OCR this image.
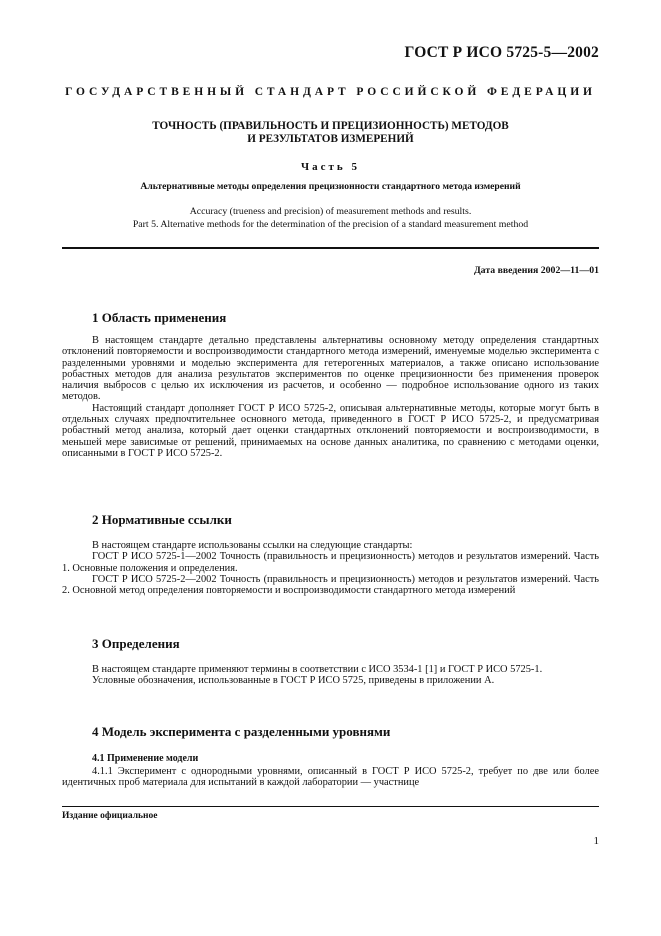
ГОСТ Р ИСО 5725-5—2002
ГОСУДАРСТВЕННЫЙ СТАНДАРТ РОССИЙСКОЙ ФЕДЕРАЦИИ
ТОЧНОСТЬ (ПРАВИЛЬНОСТЬ И ПРЕЦИЗИОННОСТЬ) МЕТОДОВ
И РЕЗУЛЬТАТОВ ИЗМЕРЕНИЙ
Часть 5
Альтернативные методы определения прецизионности стандартного метода измерений
Accuracy (trueness and precision) of measurement methods and results.
Part 5. Alternative methods for the determination of the precision of a standard measurement method
Дата введения 2002—11—01
1 Область применения

В настоящем стандарте детально представлены альтернативы основному методу определения стандартных отклонений повторяемости и воспроизводимости стандартного метода измерений, именуемые моделью эксперимента с разделенными уровнями и моделью эксперимента для гетерогенных материалов, а также описано использование робастных методов для анализа результатов экспериментов по оценке прецизионности без применения проверок наличия выбросов с целью их исключения из расчетов, и особенно — подробное использование одного из таких методов.

Настоящий стандарт дополняет ГОСТ Р ИСО 5725-2, описывая альтернативные методы, которые могут быть в отдельных случаях предпочтительнее основного метода, приведенного в ГОСТ Р ИСО 5725-2, и предусматривая робастный метод анализа, который дает оценки стандартных отклонений повторяемости и воспроизводимости, в меньшей мере зависимые от решений, принимаемых на основе данных аналитика, по сравнению с методами оценки, описанными в ГОСТ Р ИСО 5725-2.

2 Нормативные ссылки

В настоящем стандарте использованы ссылки на следующие стандарты:

ГОСТ Р ИСО 5725-1—2002 Точность (правильность и прецизионность) методов и результатов измерений. Часть 1. Основные положения и определения.

ГОСТ Р ИСО 5725-2—2002 Точность (правильность и прецизионность) методов и результатов измерений. Часть 2. Основной метод определения повторяемости и воспроизводимости стандартного метода измерений

3 Определения

В настоящем стандарте применяют термины в соответствии с ИСО 3534-1 [1] и ГОСТ Р ИСО 5725-1.

Условные обозначения, использованные в ГОСТ Р ИСО 5725, приведены в приложении А.

4 Модель эксперимента с разделенными уровнями
4.1 Применение модели

4.1.1 Эксперимент с однородными уровнями, описанный в ГОСТ Р ИСО 5725-2, требует по две или более идентичных проб материала для испытаний в каждой лаборатории — участнице

Издание официальное
1
